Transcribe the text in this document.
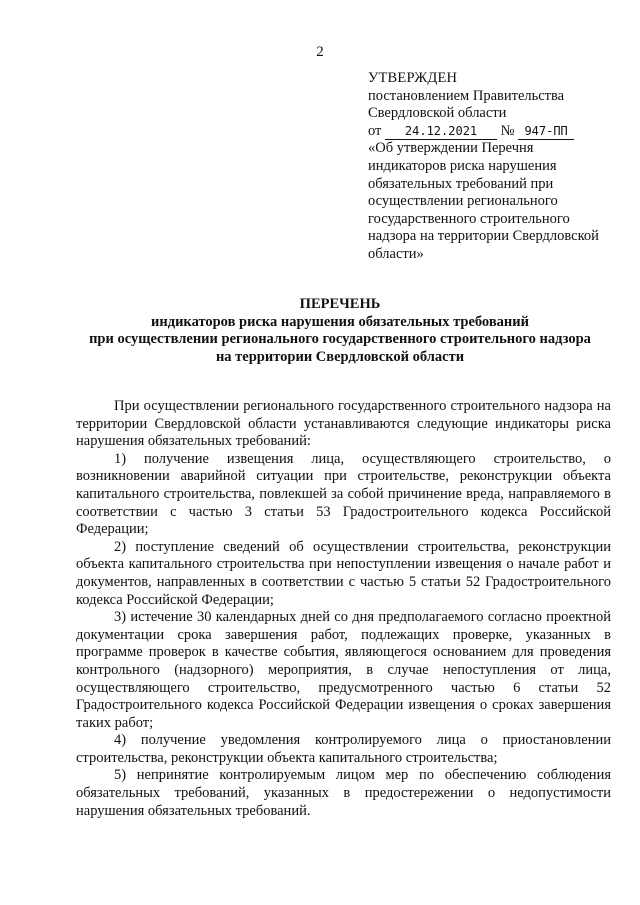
2
УТВЕРЖДЕН
постановлением Правительства
Свердловской области
от 24.12.2021 № 947-ПП
«Об утверждении Перечня
индикаторов риска нарушения
обязательных требований при
осуществлении регионального
государственного строительного
надзора на территории Свердловской
области»
ПЕРЕЧЕНЬ
индикаторов риска нарушения обязательных требований
при осуществлении регионального государственного строительного надзора
на территории Свердловской области

При осуществлении регионального государственного строительного надзора на территории Свердловской области устанавливаются следующие индикаторы риска нарушения обязательных требований:

1) получение извещения лица, осуществляющего строительство, о возникновении аварийной ситуации при строительстве, реконструкции объекта капитального строительства, повлекшей за собой причинение вреда, направляемого в соответствии с частью 3 статьи 53 Градостроительного кодекса Российской Федерации;

2) поступление сведений об осуществлении строительства, реконструкции объекта капитального строительства при непоступлении извещения о начале работ и документов, направленных в соответствии с частью 5 статьи 52 Градостроительного кодекса Российской Федерации;

3) истечение 30 календарных дней со дня предполагаемого согласно проектной документации срока завершения работ, подлежащих проверке, указанных в программе проверок в качестве события, являющегося основанием для проведения контрольного (надзорного) мероприятия, в случае непоступления от лица, осуществляющего строительство, предусмотренного частью 6 статьи 52 Градостроительного кодекса Российской Федерации извещения о сроках завершения таких работ;

4) получение уведомления контролируемого лица о приостановлении строительства, реконструкции объекта капитального строительства;

5) непринятие контролируемым лицом мер по обеспечению соблюдения обязательных требований, указанных в предостережении о недопустимости нарушения обязательных требований.
